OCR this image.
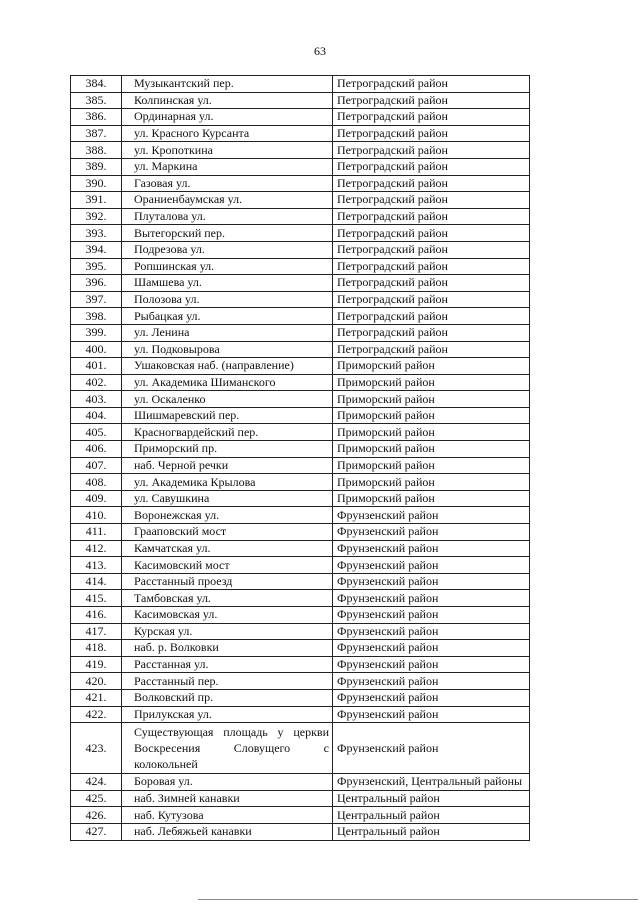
63
384.	Музыкантский пер.	Петроградский район
385.	Колпинская ул.	Петроградский район
386.	Ординарная ул.	Петроградский район
387.	ул. Красного Курсанта	Петроградский район
388.	ул. Кропоткина	Петроградский район
389.	ул. Маркина	Петроградский район
390.	Газовая ул.	Петроградский район
391.	Ораниенбаумская ул.	Петроградский район
392.	Плуталова ул.	Петроградский район
393.	Вытегорский пер.	Петроградский район
394.	Подрезова ул.	Петроградский район
395.	Ропшинская ул.	Петроградский район
396.	Шамшева ул.	Петроградский район
397.	Полозова ул.	Петроградский район
398.	Рыбацкая ул.	Петроградский район
399.	ул. Ленина	Петроградский район
400.	ул. Подковырова	Петроградский район
401.	Ушаковская наб. (направление)	Приморский район
402.	ул. Академика Шиманского	Приморский район
403.	ул. Оскаленко	Приморский район
404.	Шишмаревский пер.	Приморский район
405.	Красногвардейский пер.	Приморский район
406.	Приморский пр.	Приморский район
407.	наб. Черной речки	Приморский район
408.	ул. Академика Крылова	Приморский район
409.	ул. Савушкина	Приморский район
410.	Воронежская ул.	Фрунзенский район
411.	Грааповский мост	Фрунзенский район
412.	Камчатская ул.	Фрунзенский район
413.	Касимовский мост	Фрунзенский район
414.	Расстанный проезд	Фрунзенский район
415.	Тамбовская ул.	Фрунзенский район
416.	Касимовская ул.	Фрунзенский район
417.	Курская ул.	Фрунзенский район
418.	наб. р. Волковки	Фрунзенский район
419.	Расстанная ул.	Фрунзенский район
420.	Расстанный пер.	Фрунзенский район
421.	Волковский пр.	Фрунзенский район
422.	Прилукская ул.	Фрунзенский район
423.	Существующая площадь у церкви Воскресения Словущего с колокольней	Фрунзенский район
424.	Боровая ул.	Фрунзенский, Центральный районы
425.	наб. Зимней канавки	Центральный район
426.	наб. Кутузова	Центральный район
427.	наб. Лебяжьей канавки	Центральный район
